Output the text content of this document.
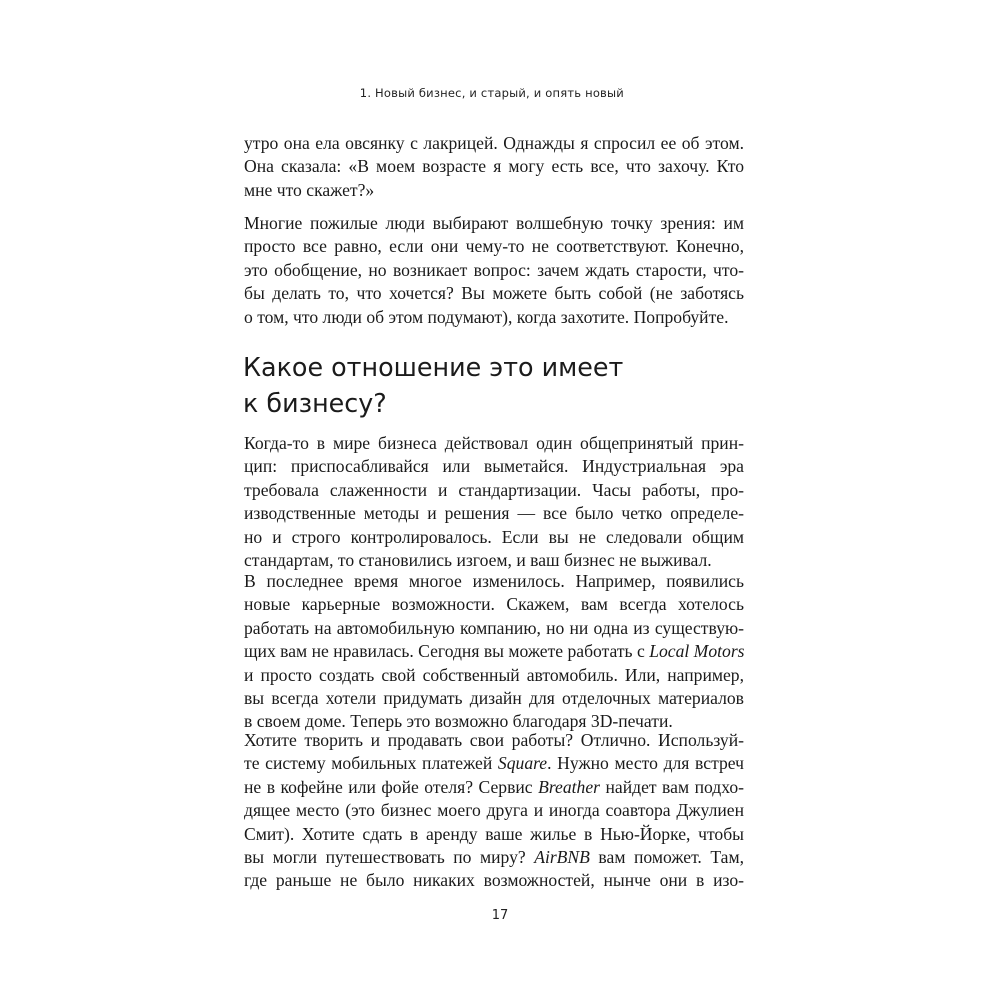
1. Новый бизнес, и старый, и опять новый
утро она ела овсянку с лакрицей. Однажды я спросил ее об этом.
Она сказала: «В моем возрасте я могу есть все, что захочу. Кто
мне что скажет?»
Многие пожилые люди выбирают волшебную точку зрения: им
просто все равно, если они чему-то не соответствуют. Конечно,
это обобщение, но возникает вопрос: зачем ждать старости, что-
бы делать то, что хочется? Вы можете быть собой (не заботясь
о том, что люди об этом подумают), когда захотите. Попробуйте.
Какое отношение это имеет
к бизнесу?
Когда-то в мире бизнеса действовал один общепринятый прин-
цип: приспосабливайся или выметайся. Индустриальная эра
требовала слаженности и стандартизации. Часы работы, про-
изводственные методы и решения — все было четко определе-
но и строго контролировалось. Если вы не следовали общим
стандартам, то становились изгоем, и ваш бизнес не выживал.
В последнее время многое изменилось. Например, появились
новые карьерные возможности. Скажем, вам всегда хотелось
работать на автомобильную компанию, но ни одна из существую-
щих вам не нравилась. Сегодня вы можете работать с Local Motors
и просто создать свой собственный автомобиль. Или, например,
вы всегда хотели придумать дизайн для отделочных материалов
в своем доме. Теперь это возможно благодаря 3D-печати.
Хотите творить и продавать свои работы? Отлично. Используй-
те систему мобильных платежей Square. Нужно место для встреч
не в кофейне или фойе отеля? Сервис Breather найдет вам подхо-
дящее место (это бизнес моего друга и иногда соавтора Джулиен
Смит). Хотите сдать в аренду ваше жилье в Нью-Йорке, чтобы
вы могли путешествовать по миру? AirBNB вам поможет. Там,
где раньше не было никаких возможностей, нынче они в изо-
17
